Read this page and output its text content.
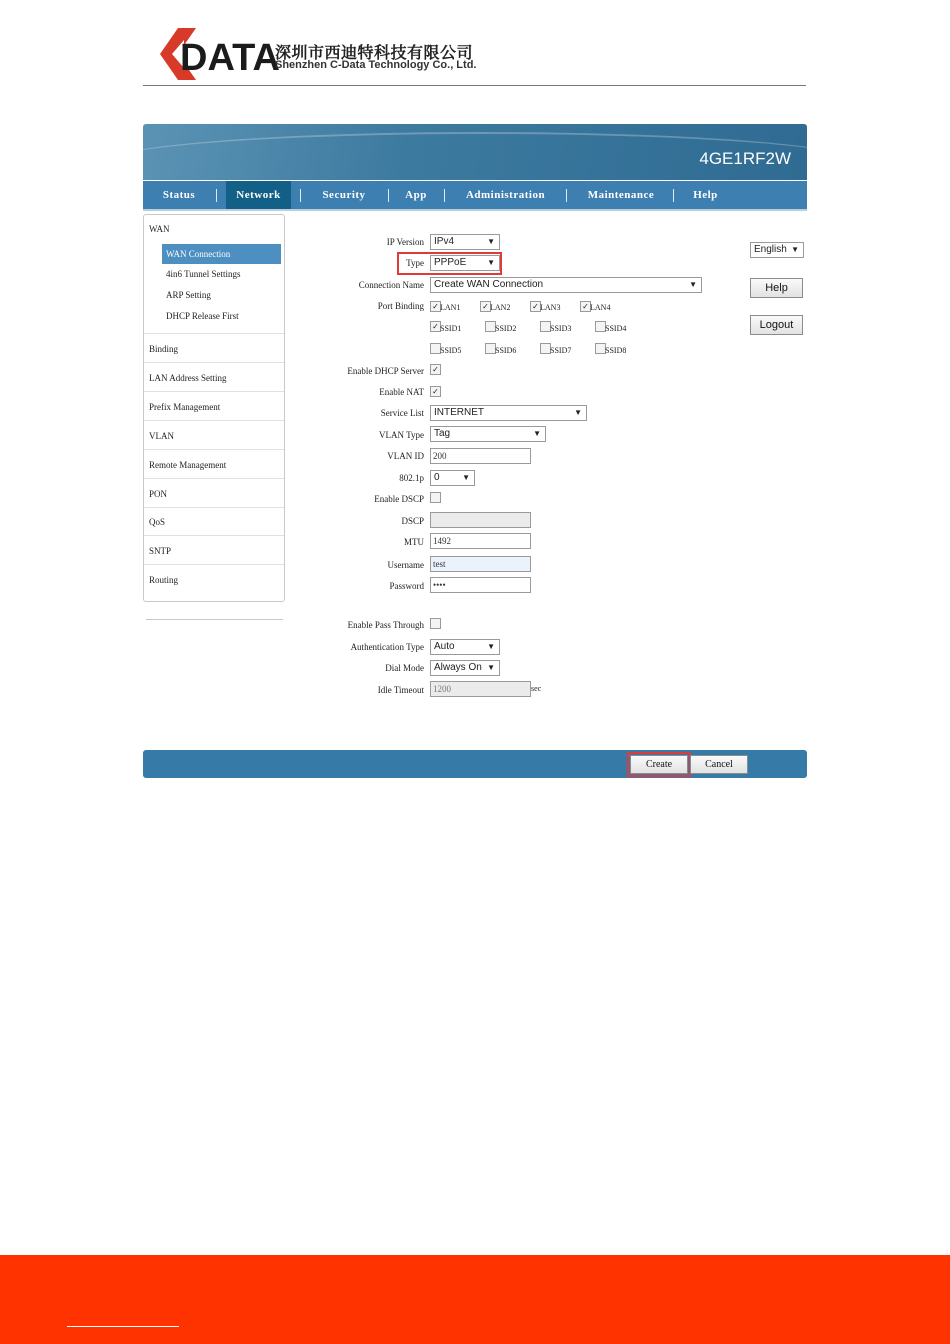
DATA
深圳市西迪特科技有限公司
Shenzhen C-Data Technology Co., Ltd.
4GE1RF2W
Status	Network	Security	App	Administration	Maintenance	Help
WAN
WAN Connection
4in6 Tunnel Settings
ARP Setting
DHCP Release First
Binding
LAN Address Setting
Prefix Management
VLAN
Remote Management
PON
QoS
SNTP
Routing
English ▼
Help
Logout
IP Version	IPv4	▼
Type	PPPoE	▼
Connection Name	Create WAN Connection	▼
Port Binding ✓ LAN1	✓ LAN2	✓ LAN3	✓ LAN4
✓ SSID1	SSID2	SSID3	SSID4
SSID5	SSID6	SSID7	SSID8
Enable DHCP Server ✓
Enable NAT ✓
Service List	INTERNET	▼
VLAN Type	Tag	▼
VLAN ID	200
802.1p	0	▼
Enable DSCP
DSCP
MTU	1492
Username	test
Password	••••
Enable Pass Through
Authentication Type	Auto	▼
Dial Mode	Always On ▼
Idle Timeout	1200	sec
Create	Cancel
